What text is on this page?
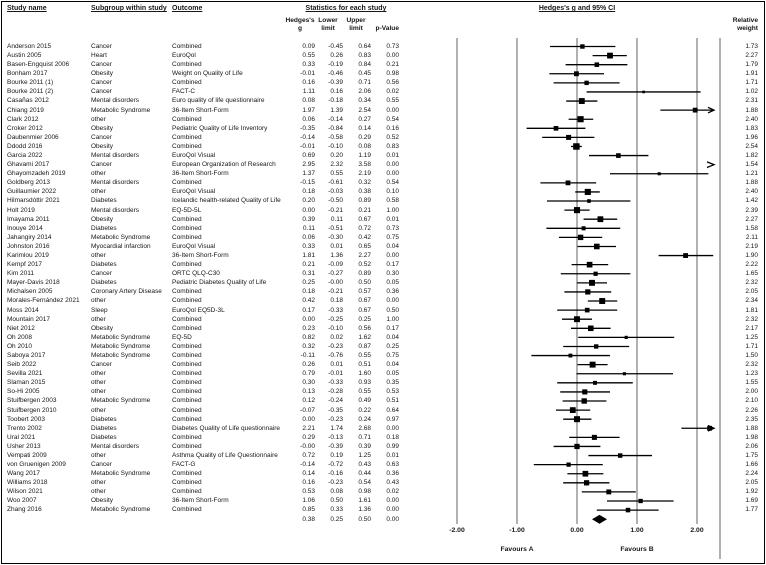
Study name	Subgroup within study Outcome	Statistics for each study	Hedges's g and 95% CI
Hedges's
g
Lower
limit
Upper
limit	p-Value
Relative
weight
Anderson 2015	Cancer	Combined	0.09	-0.45	0.64	0.73	1.73
Austin 2005	Heart	EuroQol	0.55	0.26	0.83	0.00	2.27
Basen-Engquist 2006	Cancer	Combined	0.33	-0.19	0.84	0.21	1.79
Bonham 2017	Obesity	Weight on Quality of Life	-0.01	-0.46	0.45	0.98	1.91
Bourke 2011 (1)	Cancer	Combined	0.16	-0.39	0.71	0.56	1.71
Bourke 2011 (2)	Cancer	FACT-C	1.11	0.16	2.06	0.02	1.02
Casañas 2012	Mental disorders	Euro quality of life questionnaire	0.08	-0.18	0.34	0.55	2.31
Chiang 2019	Metabolic Syndrome	36-Item Short-Form	1.97	1.39	2.54	0.00	1.88
Clark 2012	other	Combined	0.06	-0.14	0.27	0.54	2.40
Croker 2012	Obesity	Pediatric Quality of Life Inventory	-0.35	-0.84	0.14	0.16	1.83
Daubenmier 2006	Cancer	Combined	-0.14	-0.58	0.29	0.52	1.96
Ddodd 2016	Obesity	Combined	-0.01	-0.10	0.08	0.83	2.54
Garcia 2022	Mental disorders	EuroQol Visual	0.69	0.20	1.19	0.01	1.82
Ghavami 2017	Cancer	European Organization of Research	2.95	2.32	3.58	0.00	1.54
Ghayomzadeh 2019	other	36-Item Short-Form	1.37	0.55	2.19	0.00	1.21
Goldberg 2013	Mental disorders	Combined	-0.15	-0.61	0.32	0.54	1.88
Guillaumier 2022	other	EuroQol Visual	0.18	-0.03	0.38	0.10	2.40
Hilmarsdóttir 2021	Diabetes	Icelandic health-related Quality of Life	0.20	-0.50	0.89	0.58	1.42
Holt 2019	Mental disorders	EQ-5D-5L	0.00	-0.21	0.21	1.00	2.39
Imayama 2011	Obesity	Combined	0.39	0.11	0.67	0.01	2.27
Inouye 2014	Diabetes	Combined	0.11	-0.51	0.72	0.73	1.58
Jahangiry 2014	Metabolic Syndrome	Combined	0.06	-0.30	0.42	0.75	2.11
Johnston 2016	Myocardial infarction	EuroQol Visual	0.33	0.01	0.65	0.04	2.19
Karimlou 2019	other	36-Item Short-Form	1.81	1.36	2.27	0.00	1.90
Kempf 2017	Diabetes	Combined	0.21	-0.09	0.52	0.17	2.22
Kim 2011	Cancer	ORTC QLQ-C30	0.31	-0.27	0.89	0.30	1.65
Mayer-Davis 2018	Diabetes	Pediatric Diabetes Quality of Life	0.25	-0.00	0.50	0.05	2.32
Michalsen 2005	Coronary Artery Disease	Combined	0.18	-0.21	0.57	0.36	2.05
Morales-Fernández 2021	other	Combined	0.42	0.18	0.67	0.00	2.34
Moss 2014	Sleep	EuroQol EQ5D-3L	0.17	-0.33	0.67	0.50	1.81
Mountain 2017	other	Combined	0.00	-0.25	0.25	1.00	2.32
Niet 2012	Obesity	Combined	0.23	-0.10	0.56	0.17	2.17
Oh 2008	Metabolic Syndrome	EQ-5D	0.82	0.02	1.62	0.04	1.25
Oh 2010	Metabolic Syndrome	Combined	0.32	-0.23	0.87	0.25	1.71
Saboya 2017	Metabolic Syndrome	Combined	-0.11	-0.76	0.55	0.75	1.50
Seib 2022	Cancer	Combined	0.26	0.01	0.51	0.04	2.32
Sevilla 2021	other	Combined	0.79	-0.01	1.60	0.05	1.23
Slaman 2015	other	Combined	0.30	-0.33	0.93	0.35	1.55
So-Hi 2005	other	Combined	0.13	-0.28	0.55	0.53	2.00
Stuifbergen 2003	Metabolic Syndrome	Combined	0.12	-0.24	0.49	0.51	2.10
Stuifbergen 2010	other	Combined	-0.07	-0.35	0.22	0.64	2.26
Toobert 2003	Diabetes	Combined	0.00	-0.23	0.24	0.97	2.35
Trento 2002	Diabetes	Diabetes Quality of Life questionnaire	2.21	1.74	2.68	0.00	1.88
Ural 2021	Diabetes	Combined	0.29	-0.13	0.71	0.18	1.98
Usher 2013	Mental disorders	Combined	-0.00	-0.39	0.39	0.99	2.06
Vempati 2009	other	Asthma Quality of Life Questionnaire	0.72	0.19	1.25	0.01	1.75
von Gruenigen 2009	Cancer	FACT-G	-0.14	-0.72	0.43	0.63	1.66
Wang 2017	Metabolic Syndrome	Combined	0.14	-0.16	0.44	0.36	2.24
Williams 2018	other	Combined	0.16	-0.23	0.54	0.43	2.05
Wilson 2021	other	Combined	0.53	0.08	0.98	0.02	1.92
Woo 2007	Obesity	36-Item Short-Form	1.06	0.50	1.61	0.00	1.69
Zhang 2016	Metabolic Syndrome	Combined	0.85	0.33	1.36	0.00	1.77
0.38	0.25	0.50	0.00
-2.00	-1.00	0.00	1.00	2.00
Favours A	Favours B
